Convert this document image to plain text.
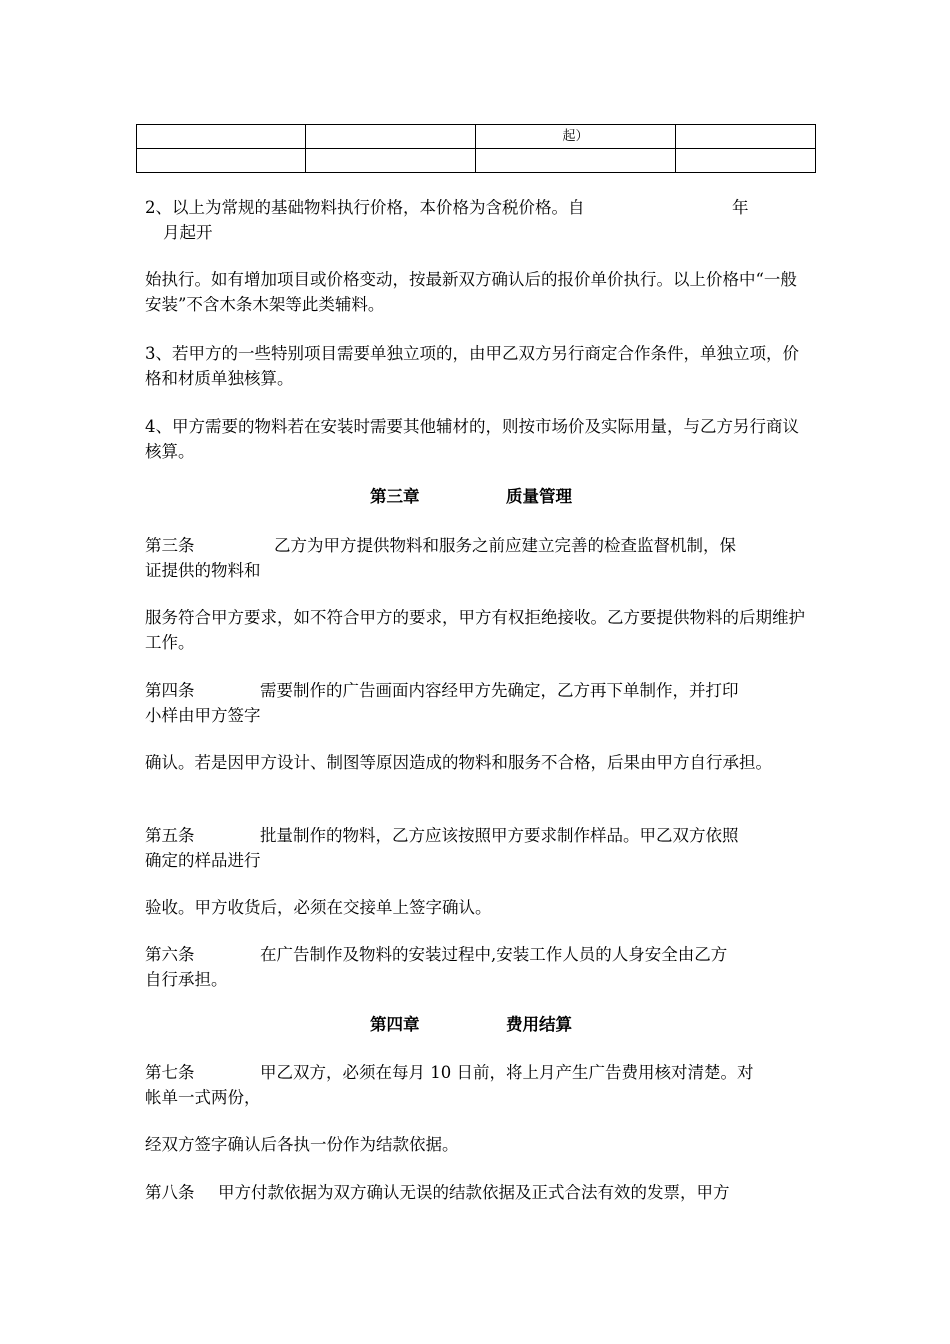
		起）	

2、以上为常规的基础物料执行价格，本价格为含税价格。自	年
月起开

始执行。如有增加项目或价格变动，按最新双方确认后的报价单价执行。以上价格中“一般安装”不含木条木架等此类辅料。

3、若甲方的一些特别项目需要单独立项的，由甲乙双方另行商定合作条件，单独立项，价格和材质单独核算。

4、甲方需要的物料若在安装时需要其他辅材的，则按市场价及实际用量，与乙方另行商议核算。

第三章	质量管理
第三条	乙方为甲方提供物料和服务之前应建立完善的检查监督机制，保
证提供的物料和

服务符合甲方要求，如不符合甲方的要求，甲方有权拒绝接收。乙方要提供物料的后期维护工作。

第四条	需要制作的广告画面内容经甲方先确定，乙方再下单制作，并打印
小样由甲方签字

确认。若是因甲方设计、制图等原因造成的物料和服务不合格，后果由甲方自行承担。

第五条	批量制作的物料，乙方应该按照甲方要求制作样品。甲乙双方依照
确定的样品进行
验收。甲方收货后，必须在交接单上签字确认。
第六条	在广告制作及物料的安装过程中,安装工作人员的人身安全由乙方
自行承担。
第四章	费用结算
第七条	甲乙双方，必须在每月 10 日前，将上月产生广告费用核对清楚。对
帐单一式两份，
经双方签字确认后各执一份作为结款依据。
第八条 甲方付款依据为双方确认无误的结款依据及正式合法有效的发票，甲方
